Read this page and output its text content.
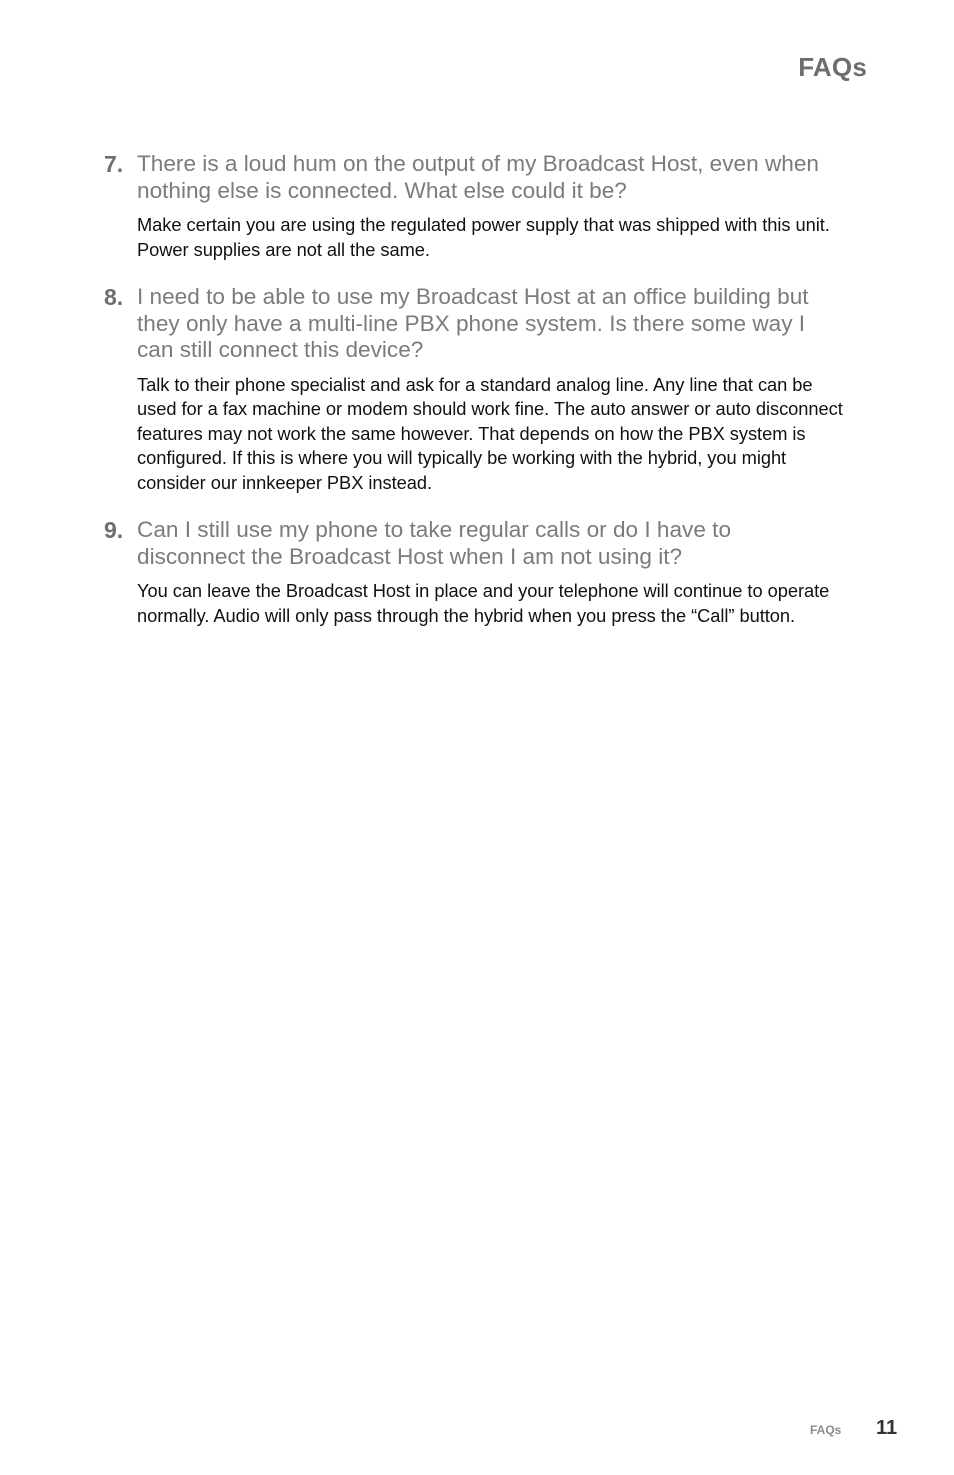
FAQs
7. There is a loud hum on the output of my Broadcast Host, even when nothing else is connected. What else could it be?
Make certain you are using the regulated power supply that was shipped with this unit. Power supplies are not all the same.
8. I need to be able to use my Broadcast Host at an office building but they only have a multi-line PBX phone system. Is there some way I can still connect this device?
Talk to their phone specialist and ask for a standard analog line. Any line that can be used for a fax machine or modem should work fine. The auto answer or auto disconnect features may not work the same however. That depends on how the PBX system is configured. If this is where you will typically be working with the hybrid, you might consider our innkeeper PBX instead.
9. Can I still use my phone to take regular calls or do I have to disconnect the Broadcast Host when I am not using it?
You can leave the Broadcast Host in place and your telephone will continue to operate normally. Audio will only pass through the hybrid when you press the “Call” button.
FAQs 11
